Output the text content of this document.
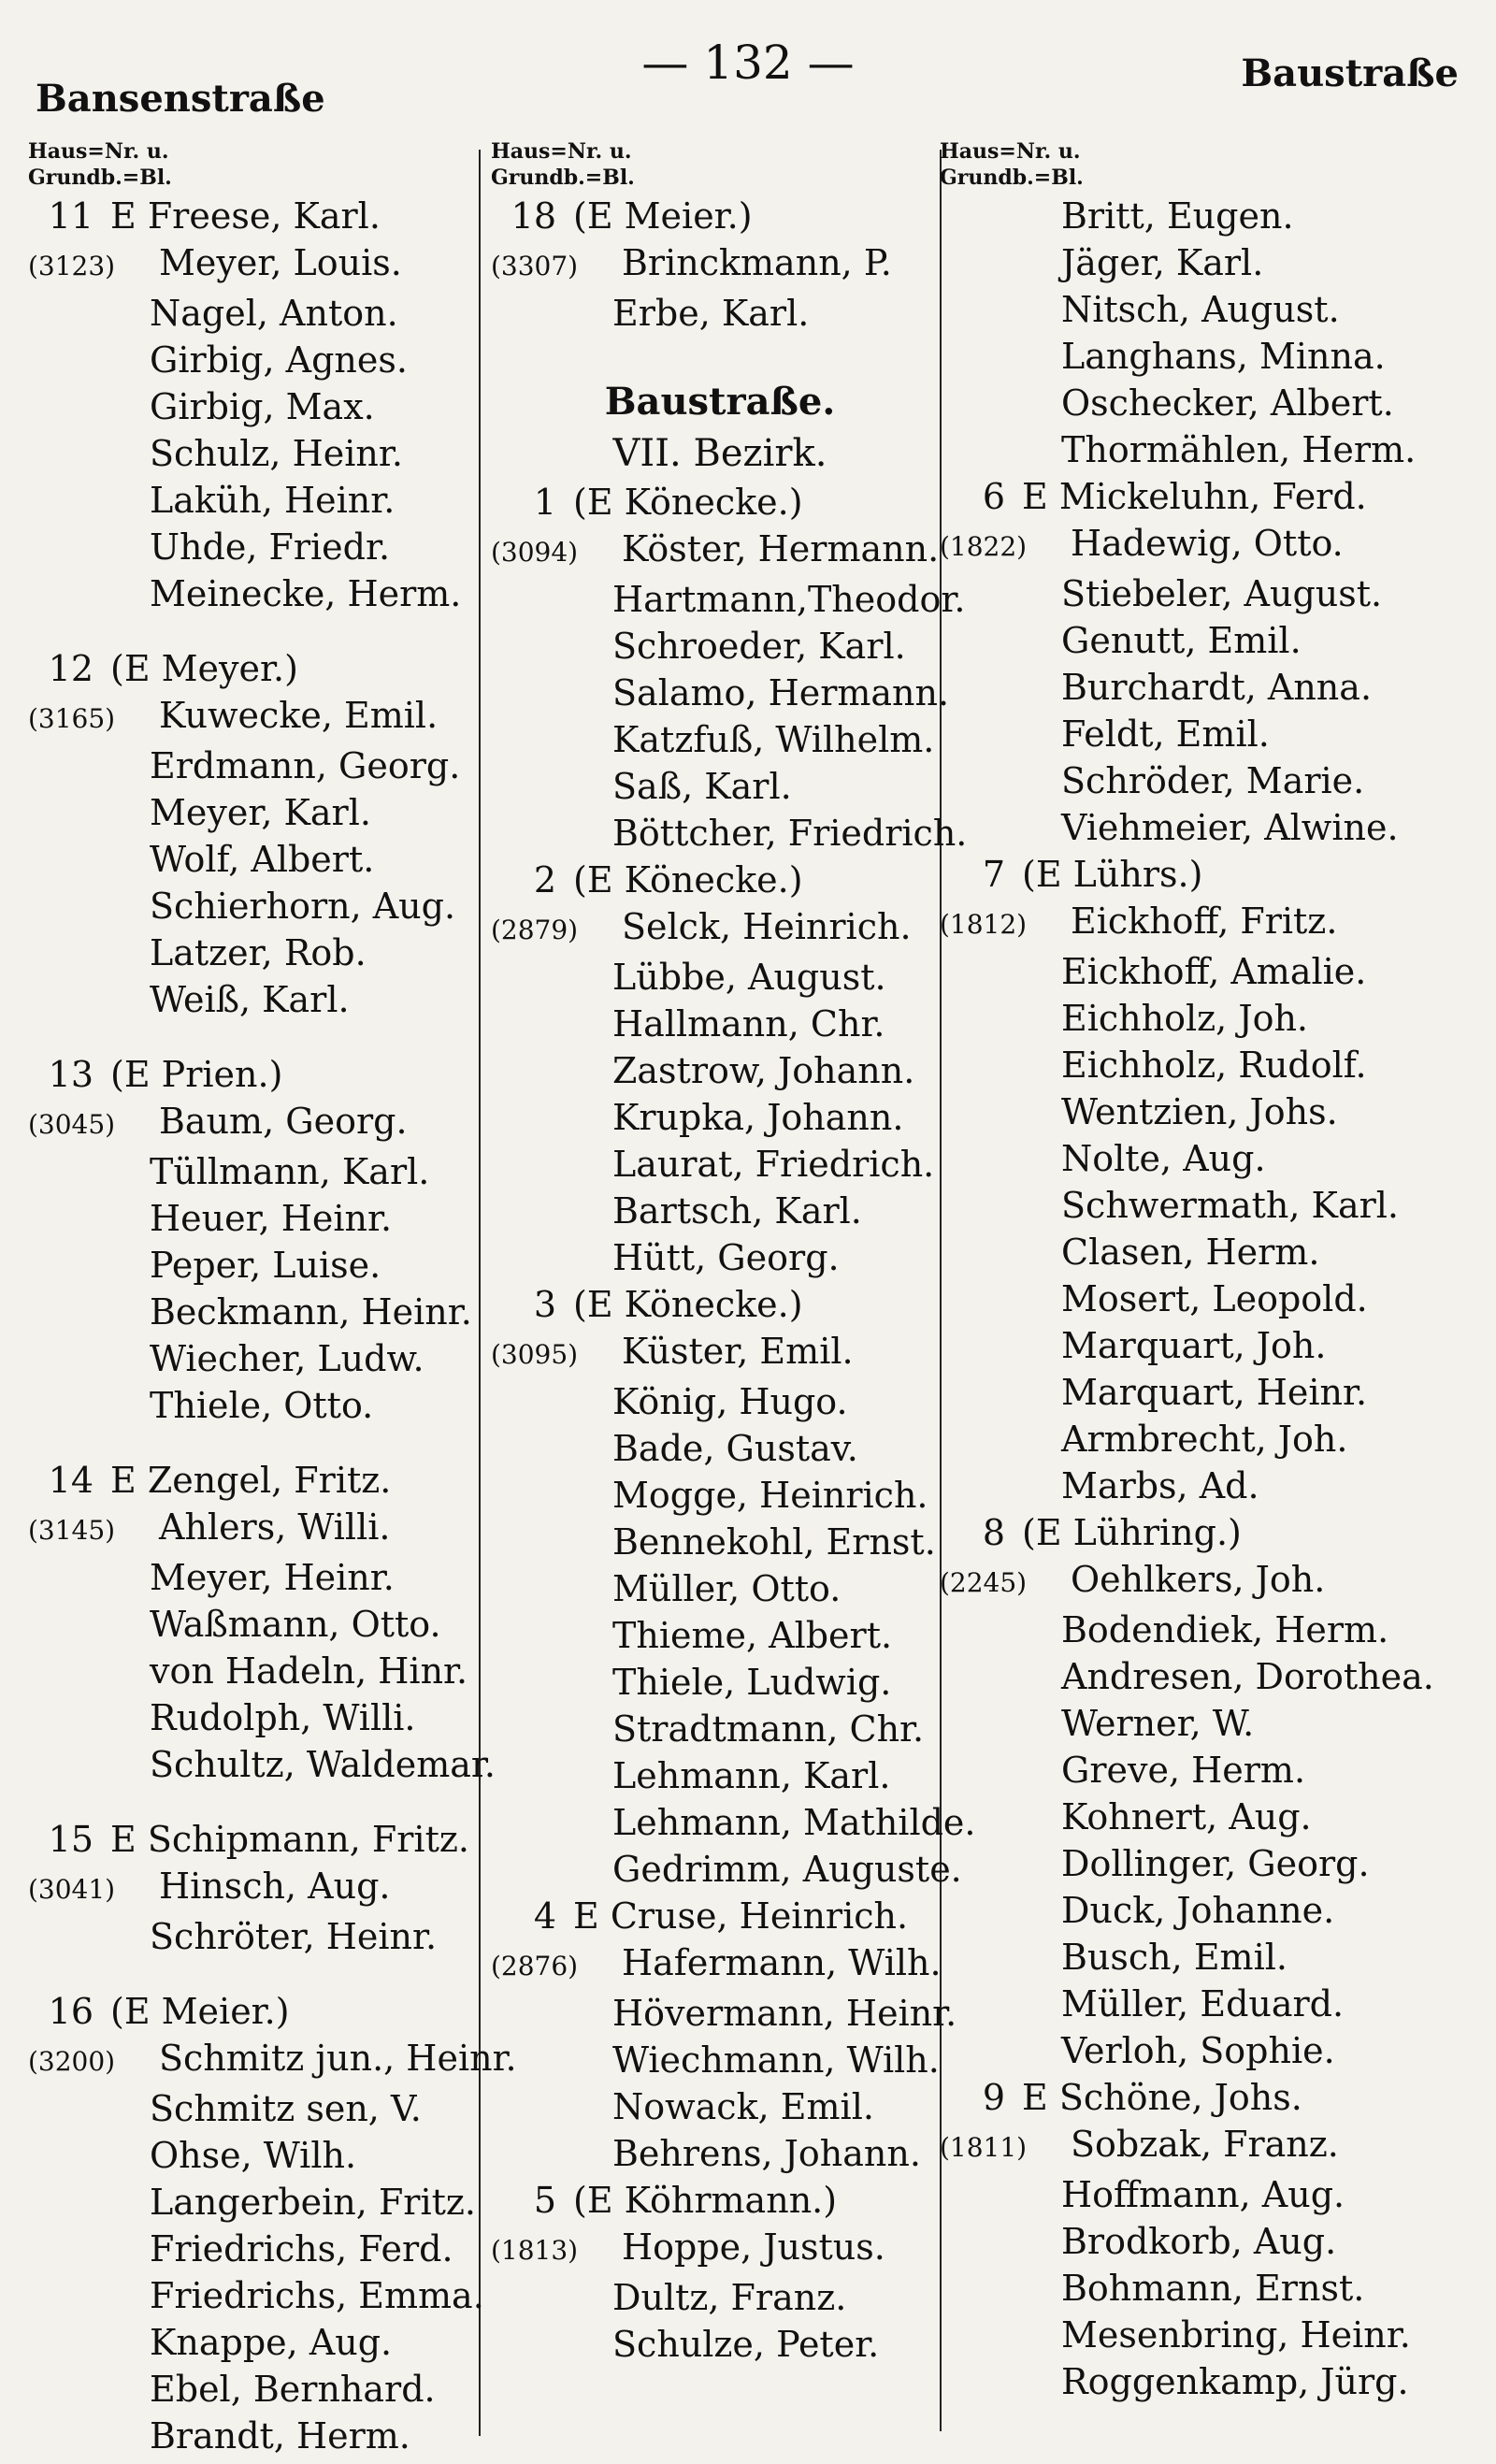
Bansenstraße
— 132 —	Baustraße
Haus=Nr. u.
Grundb.=Bl.
11 E Freese, Karl.
(3123) Meyer, Louis.
Nagel, Anton.
Girbig, Agnes.
Girbig, Max.
Schulz, Heinr.
Laküh, Heinr.
Uhde, Friedr.
Meinecke, Herm.
12 (E Meyer.)
(3165) Kuwecke, Emil.
Erdmann, Georg.
Meyer, Karl.
Wolf, Albert.
Schierhorn, Aug.
Latzer, Rob.
Weiß, Karl.
13 (E Prien.)
(3045) Baum, Georg.
Tüllmann, Karl.
Heuer, Heinr.
Peper, Luise.
Beckmann, Heinr.
Wiecher, Ludw.
Thiele, Otto.
14 E Zengel, Fritz.
(3145) Ahlers, Willi.
Meyer, Heinr.
Waßmann, Otto.
von Hadeln, Hinr.
Rudolph, Willi.
Schultz, Waldemar.
15 E Schipmann, Fritz.
(3041) Hinsch, Aug.
Schröter, Heinr.
16 (E Meier.)
(3200) Schmitz jun., Heinr.
Schmitz sen, V.
Ohse, Wilh.
Langerbein, Fritz.
Friedrichs, Ferd.
Friedrichs, Emma.
Knappe, Aug.
Ebel, Bernhard.
Brandt, Herm.
Haus=Nr. u.
Grundb.=Bl.
18 (E Meier.)
(3307) Brinckmann, P.
Erbe, Karl.
Baustraße.
VII. Bezirk.
1 (E Könecke.)
(3094) Köster, Hermann.
Hartmann,Theodor.
Schroeder, Karl.
Salamo, Hermann.
Katzfuß, Wilhelm.
Saß, Karl.
Böttcher, Friedrich.
2 (E Könecke.)
(2879) Selck, Heinrich.
Lübbe, August.
Hallmann, Chr.
Zastrow, Johann.
Krupka, Johann.
Laurat, Friedrich.
Bartsch, Karl.
Hütt, Georg.
3 (E Könecke.)
(3095) Küster, Emil.
König, Hugo.
Bade, Gustav.
Mogge, Heinrich.
Bennekohl, Ernst.
Müller, Otto.
Thieme, Albert.
Thiele, Ludwig.
Stradtmann, Chr.
Lehmann, Karl.
Lehmann, Mathilde.
Gedrimm, Auguste.
4 E Cruse, Heinrich.
(2876) Hafermann, Wilh.
Hövermann, Heinr.
Wiechmann, Wilh.
Nowack, Emil.
Behrens, Johann.
5 (E Köhrmann.)
(1813) Hoppe, Justus.
Dultz, Franz.
Schulze, Peter.
Haus=Nr. u.
Grundb.=Bl.
Britt, Eugen.
Jäger, Karl.
Nitsch, August.
Langhans, Minna.
Oschecker, Albert.
Thormählen, Herm.
6 E Mickeluhn, Ferd.
(1822) Hadewig, Otto.
Stiebeler, August.
Genutt, Emil.
Burchardt, Anna.
Feldt, Emil.
Schröder, Marie.
Viehmeier, Alwine.
7 (E Lührs.)
(1812) Eickhoff, Fritz.
Eickhoff, Amalie.
Eichholz, Joh.
Eichholz, Rudolf.
Wentzien, Johs.
Nolte, Aug.
Schwermath, Karl.
Clasen, Herm.
Mosert, Leopold.
Marquart, Joh.
Marquart, Heinr.
Armbrecht, Joh.
Marbs, Ad.
8 (E Lühring.)
(2245) Oehlkers, Joh.
Bodendiek, Herm.
Andresen, Dorothea.
Werner, W.
Greve, Herm.
Kohnert, Aug.
Dollinger, Georg.
Duck, Johanne.
Busch, Emil.
Müller, Eduard.
Verloh, Sophie.
9 E Schöne, Johs.
(1811) Sobzak, Franz.
Hoffmann, Aug.
Brodkorb, Aug.
Bohmann, Ernst.
Mesenbring, Heinr.
Roggenkamp, Jürg.
